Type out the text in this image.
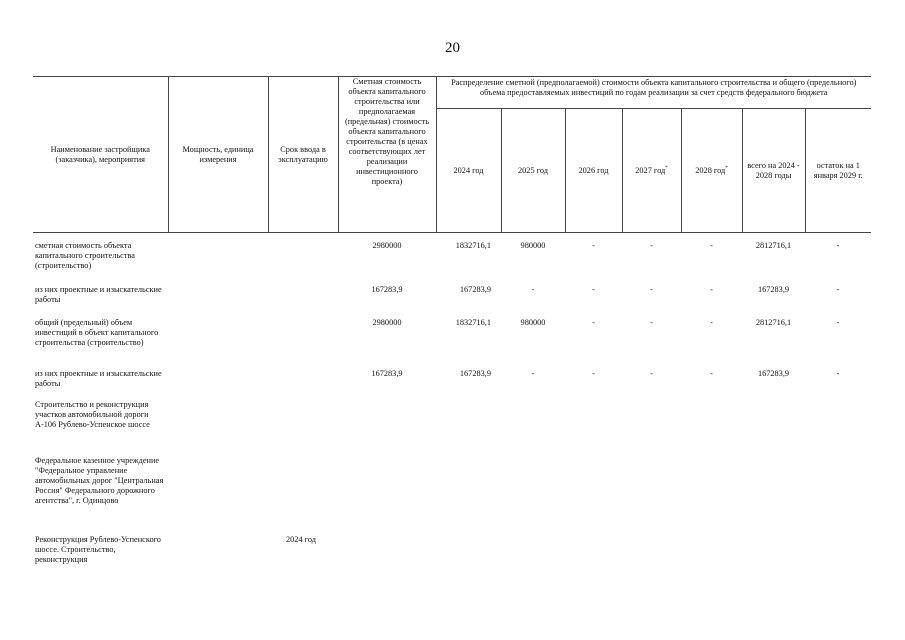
20
Наименование застройщика (заказчика), мероприятия	Мощность, единица измерения	Срок ввода в эксплуатацию	Сметная стоимость объекта капитального строительства или предполагаемая (предельная) стоимость объекта капитального строительства (в ценах соответствующих лет реализации инвестиционного проекта)	Распределение сметной (предполагаемой) стоимости объекта капитального строительства и общего (предельного) объема предоставляемых инвестиций по годам реализации за счет средств федерального бюджета						
				2024 год	2025 год	2026 год	2027 год*	2028 год*	всего на 2024 - 2028 годы	остаток на 1 января 2029 г.

сметная стоимость объекта капитального строительства (строительство)			2980000	1832716,1	980000	-	-	-	2812716,1	-
из них проектные и изыскательские работы			167283,9	167283,9	-	-	-	-	167283,9	-
общий (предельный) объем инвестиций в объект капитального строительства (строительство)			2980000	1832716,1	980000	-	-	-	2812716,1	-
из них проектные и изыскательские работы			167283,9	167283,9	-	-	-	-	167283,9	-
Строительство и реконструкция участков автомобильной дороги А-106 Рублево-Успенское шоссе										
Федеральное казенное учреждение "Федеральное управление автомобильных дорог "Центральная Россия" Федерального дорожного агентства", г. Одинцово										
Реконструкция Рублево-Успенского шоссе. Строительство, реконструкция		2024 год								
